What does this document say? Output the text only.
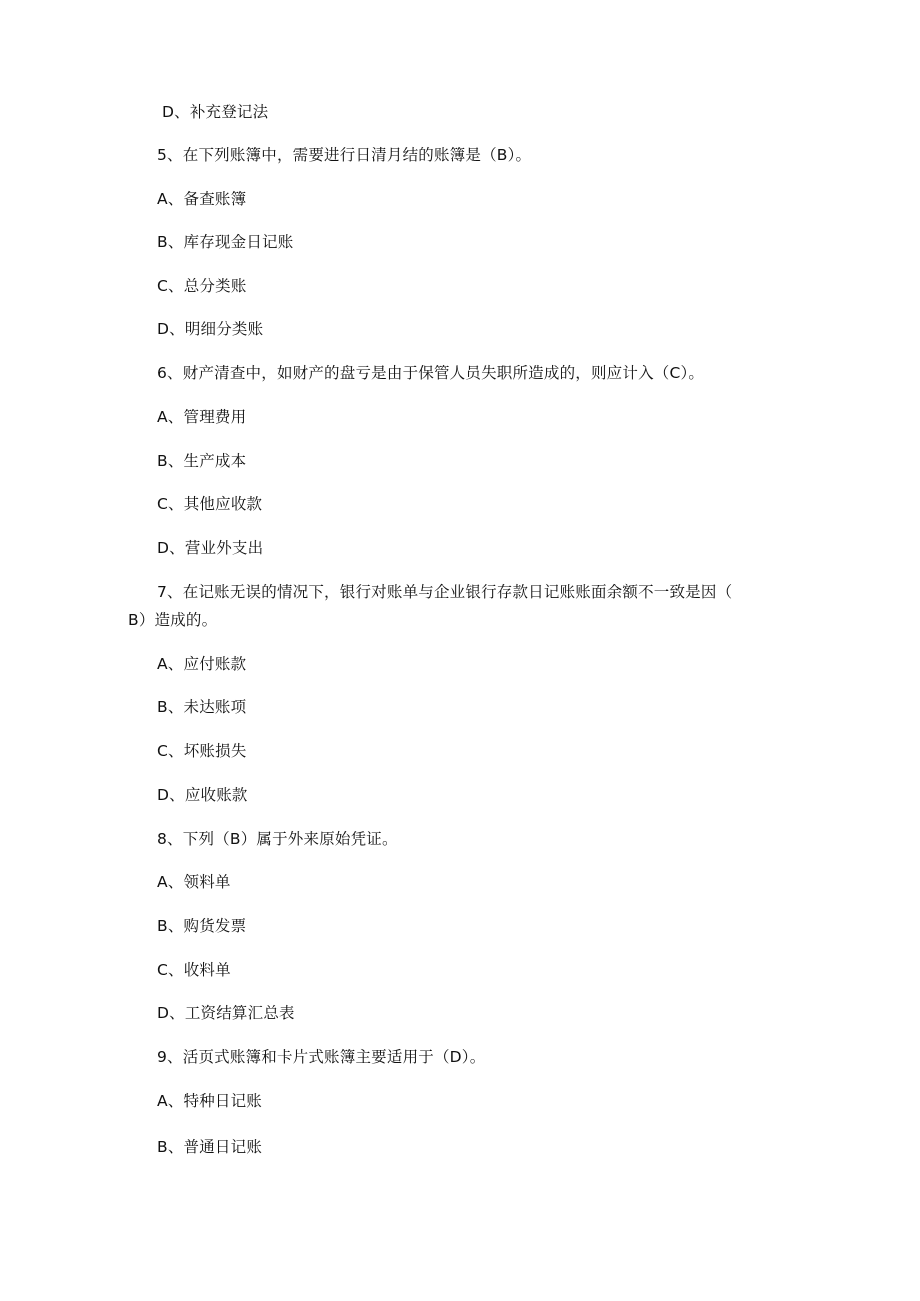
D、补充登记法
5、在下列账簿中，需要进行日清月结的账簿是（B）。
A、备查账簿
B、库存现金日记账
C、总分类账
D、明细分类账
6、财产清查中，如财产的盘亏是由于保管人员失职所造成的，则应计入（C）。
A、管理费用
B、生产成本
C、其他应收款
D、营业外支出
7、在记账无误的情况下，银行对账单与企业银行存款日记账账面余额不一致是因（
B）造成的。
A、应付账款
B、未达账项
C、坏账损失
D、应收账款
8、下列（B）属于外来原始凭证。
A、领料单
B、购货发票
C、收料单
D、工资结算汇总表
9、活页式账簿和卡片式账簿主要适用于（D）。
A、特种日记账
B、普通日记账
